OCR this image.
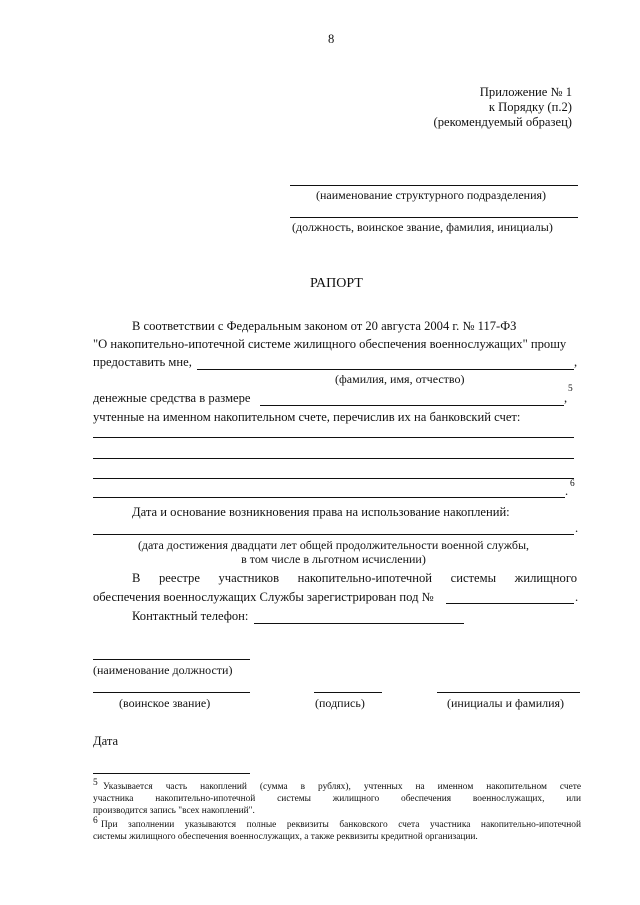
8
Приложение № 1
к Порядку (п.2)
(рекомендуемый образец)
(наименование структурного подразделения)
(должность, воинское звание, фамилия, инициалы)
РАПОРТ
В соответствии с Федеральным законом от 20 августа 2004 г. № 117-ФЗ
"О накопительно-ипотечной системе жилищного обеспечения военнослужащих" прошу
предоставить мне,	,
(фамилия, имя, отчество)
денежные средства в размере	,
5
учтенные на именном накопительном счете, перечислив их на банковский счет:
. 6
Дата и основание возникновения права на использование накоплений:
.
(дата достижения двадцати лет общей продолжительности военной службы,
в том числе в льготном исчислении)
В реестре участников накопительно-ипотечной системы жилищного
обеспечения военнослужащих Службы зарегистрирован под №	.
Контактный телефон:
(наименование должности)
(воинское звание)	(подпись)	(инициалы и фамилия)
Дата
5 Указывается часть накоплений (сумма в рублях), учтенных на именном накопительном счете
участника накопительно-ипотечной системы жилищного обеспечения военнослужащих, или
производится запись "всех накоплений".
6 При заполнении указываются полные реквизиты банковского счета участника накопительно-ипотечной
системы жилищного обеспечения военнослужащих, а также реквизиты кредитной организации.
